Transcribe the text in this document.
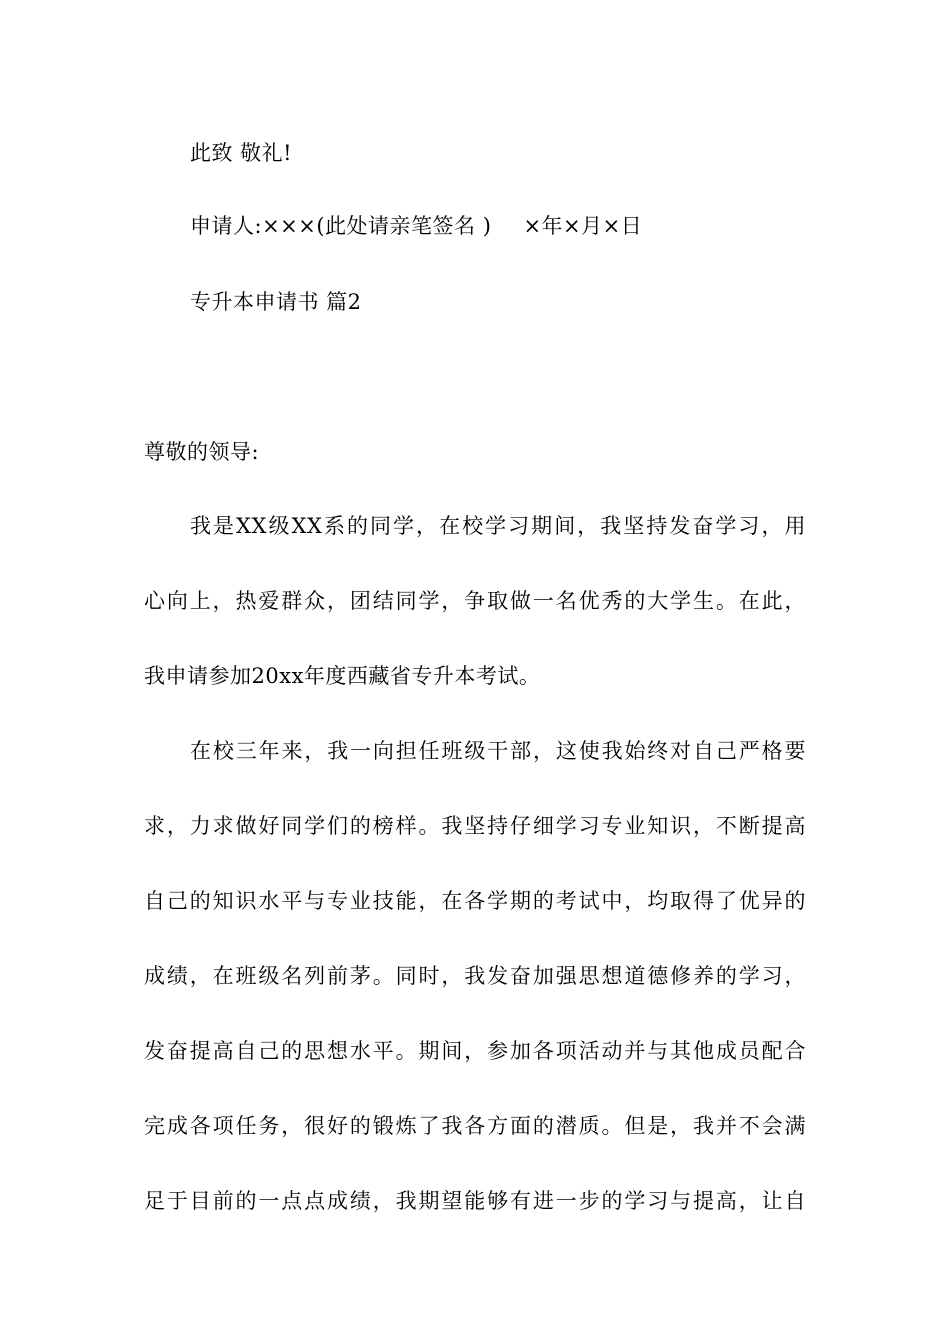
此致 敬礼!
申请人:×××(此处请亲笔签名 ) ×年×月×日
专升本申请书 篇2
尊敬的领导:
我是XX级XX系的同学，在校学习期间，我坚持发奋学习，用
心向上，热爱群众，团结同学，争取做一名优秀的大学生。在此，
我申请参加20xx年度西藏省专升本考试。
在校三年来，我一向担任班级干部，这使我始终对自己严格要
求，力求做好同学们的榜样。我坚持仔细学习专业知识，不断提高
自己的知识水平与专业技能，在各学期的考试中，均取得了优异的
成绩，在班级名列前茅。同时，我发奋加强思想道德修养的学习，
发奋提高自己的思想水平。期间，参加各项活动并与其他成员配合
完成各项任务，很好的锻炼了我各方面的潜质。但是，我并不会满
足于目前的一点点成绩，我期望能够有进一步的学习与提高，让自
